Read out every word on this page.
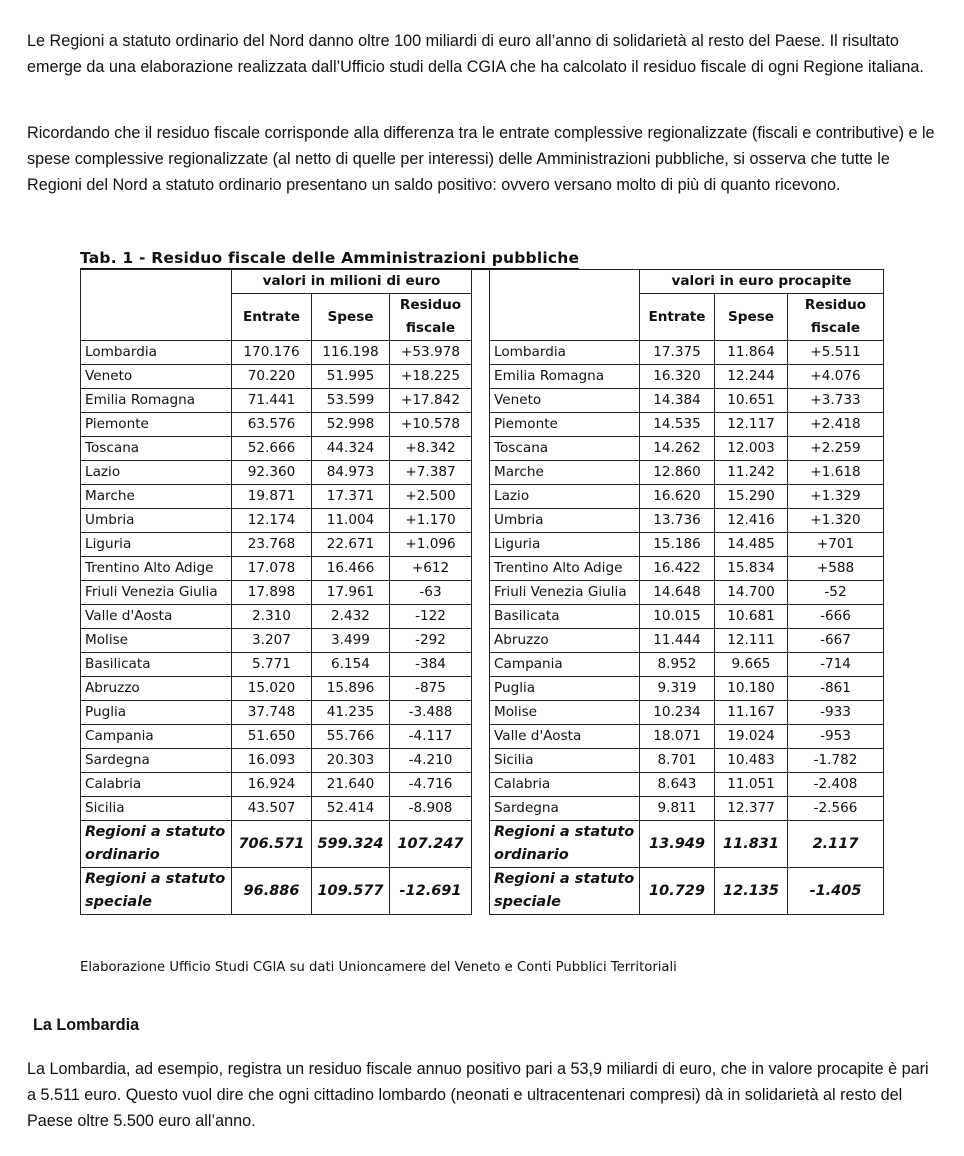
Le Regioni a statuto ordinario del Nord danno oltre 100 miliardi di euro all’anno di solidarietà al resto del Paese. Il risultato emerge da una elaborazione realizzata dall’Ufficio studi della CGIA che ha calcolato il residuo fiscale di ogni Regione italiana.

Ricordando che il residuo fiscale corrisponde alla differenza tra le entrate complessive regionalizzate (fiscali e contributive) e le spese complessive regionalizzate (al netto di quelle per interessi) delle Amministrazioni pubbliche, si osserva che tutte le Regioni del Nord a statuto ordinario presentano un saldo positivo: ovvero versano molto di più di quanto ricevono.

Tab. 1 - Residuo fiscale delle Amministrazioni pubbliche
	valori in milioni di euro		
	Entrate	Spese	Residuo fiscale
Lombardia	170.176	116.198	+53.978
Veneto	70.220	51.995	+18.225
Emilia Romagna	71.441	53.599	+17.842
Piemonte	63.576	52.998	+10.578
Toscana	52.666	44.324	+8.342
Lazio	92.360	84.973	+7.387
Marche	19.871	17.371	+2.500
Umbria	12.174	11.004	+1.170
Liguria	23.768	22.671	+1.096
Trentino Alto Adige	17.078	16.466	+612
Friuli Venezia Giulia	17.898	17.961	-63
Valle d'Aosta	2.310	2.432	-122
Molise	3.207	3.499	-292
Basilicata	5.771	6.154	-384
Abruzzo	15.020	15.896	-875
Puglia	37.748	41.235	-3.488
Campania	51.650	55.766	-4.117
Sardegna	16.093	20.303	-4.210
Calabria	16.924	21.640	-4.716
Sicilia	43.507	52.414	-8.908
Regioni a statuto ordinario	706.571	599.324	107.247
Regioni a statuto speciale	96.886	109.577	-12.691
	valori in euro procapite		
	Entrate	Spese	Residuo fiscale
Lombardia	17.375	11.864	+5.511
Emilia Romagna	16.320	12.244	+4.076
Veneto	14.384	10.651	+3.733
Piemonte	14.535	12.117	+2.418
Toscana	14.262	12.003	+2.259
Marche	12.860	11.242	+1.618
Lazio	16.620	15.290	+1.329
Umbria	13.736	12.416	+1.320
Liguria	15.186	14.485	+701
Trentino Alto Adige	16.422	15.834	+588
Friuli Venezia Giulia	14.648	14.700	-52
Basilicata	10.015	10.681	-666
Abruzzo	11.444	12.111	-667
Campania	8.952	9.665	-714
Puglia	9.319	10.180	-861
Molise	10.234	11.167	-933
Valle d'Aosta	18.071	19.024	-953
Sicilia	8.701	10.483	-1.782
Calabria	8.643	11.051	-2.408
Sardegna	9.811	12.377	-2.566
Regioni a statuto ordinario	13.949	11.831	2.117
Regioni a statuto speciale	10.729	12.135	-1.405

Elaborazione Ufficio Studi CGIA su dati Unioncamere del Veneto e Conti Pubblici Territoriali

La Lombardia

La Lombardia, ad esempio, registra un residuo fiscale annuo positivo pari a 53,9 miliardi di euro, che in valore procapite è pari a 5.511 euro. Questo vuol dire che ogni cittadino lombardo (neonati e ultracentenari compresi) dà in solidarietà al resto del Paese oltre 5.500 euro all’anno.
